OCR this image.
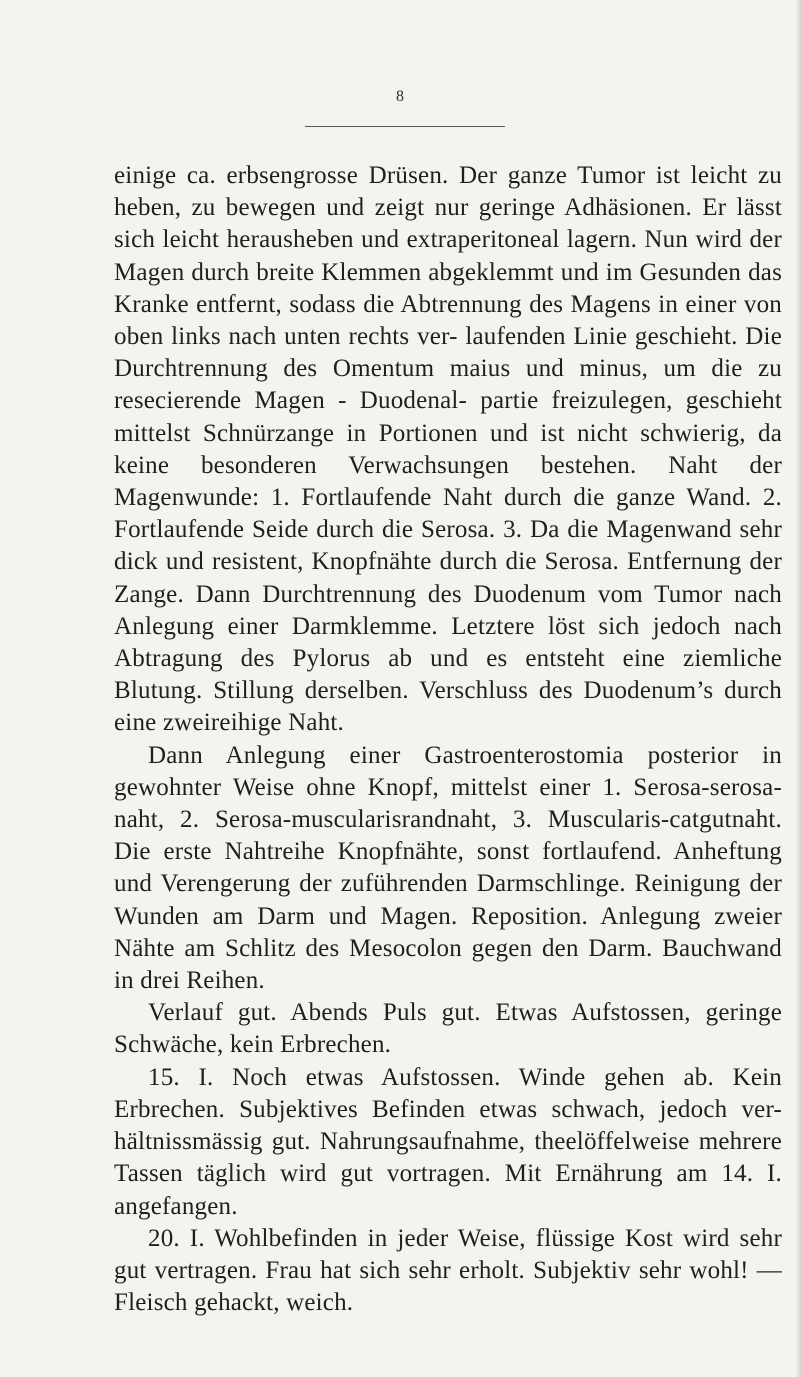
8

einige ca. erbsengrosse Drüsen. Der ganze Tumor ist leicht zu heben, zu bewegen und zeigt nur geringe Adhäsionen. Er lässt sich leicht herausheben und extraperitoneal lagern. Nun wird der Magen durch breite Klemmen abgeklemmt und im Gesunden das Kranke entfernt, sodass die Abtrennung des Magens in einer von oben links nach unten rechts ver- laufenden Linie geschieht. Die Durchtrennung des Omentum maius und minus, um die zu resecierende Magen - Duodenal- partie freizulegen, geschieht mittelst Schnürzange in Portionen und ist nicht schwierig, da keine besonderen Verwachsungen bestehen. Naht der Magenwunde: 1. Fortlaufende Naht durch die ganze Wand. 2. Fortlaufende Seide durch die Serosa. 3. Da die Magenwand sehr dick und resistent, Knopfnähte durch die Serosa. Entfernung der Zange. Dann Durchtrennung des Duodenum vom Tumor nach Anlegung einer Darmklemme. Letztere löst sich jedoch nach Abtragung des Pylorus ab und es entsteht eine ziemliche Blutung. Stillung derselben. Verschluss des Duodenum’s durch eine zweireihige Naht.

Dann Anlegung einer Gastroenterostomia posterior in gewohnter Weise ohne Knopf, mittelst einer 1. Serosa-serosa- naht, 2. Serosa-muscularisrandnaht, 3. Muscularis-catgutnaht. Die erste Nahtreihe Knopfnähte, sonst fortlaufend. Anheftung und Verengerung der zuführenden Darmschlinge. Reinigung der Wunden am Darm und Magen. Reposition. Anlegung zweier Nähte am Schlitz des Mesocolon gegen den Darm. Bauchwand in drei Reihen.

Verlauf gut. Abends Puls gut. Etwas Aufstossen, geringe Schwäche, kein Erbrechen.

15. I. Noch etwas Aufstossen. Winde gehen ab. Kein Erbrechen. Subjektives Befinden etwas schwach, jedoch ver- hältnissmässig gut. Nahrungsaufnahme, theelöffelweise mehrere Tassen täglich wird gut vortragen. Mit Ernährung am 14. I. angefangen.

20. I. Wohlbefinden in jeder Weise, flüssige Kost wird sehr gut vertragen. Frau hat sich sehr erholt. Subjektiv sehr wohl! — Fleisch gehackt, weich.
